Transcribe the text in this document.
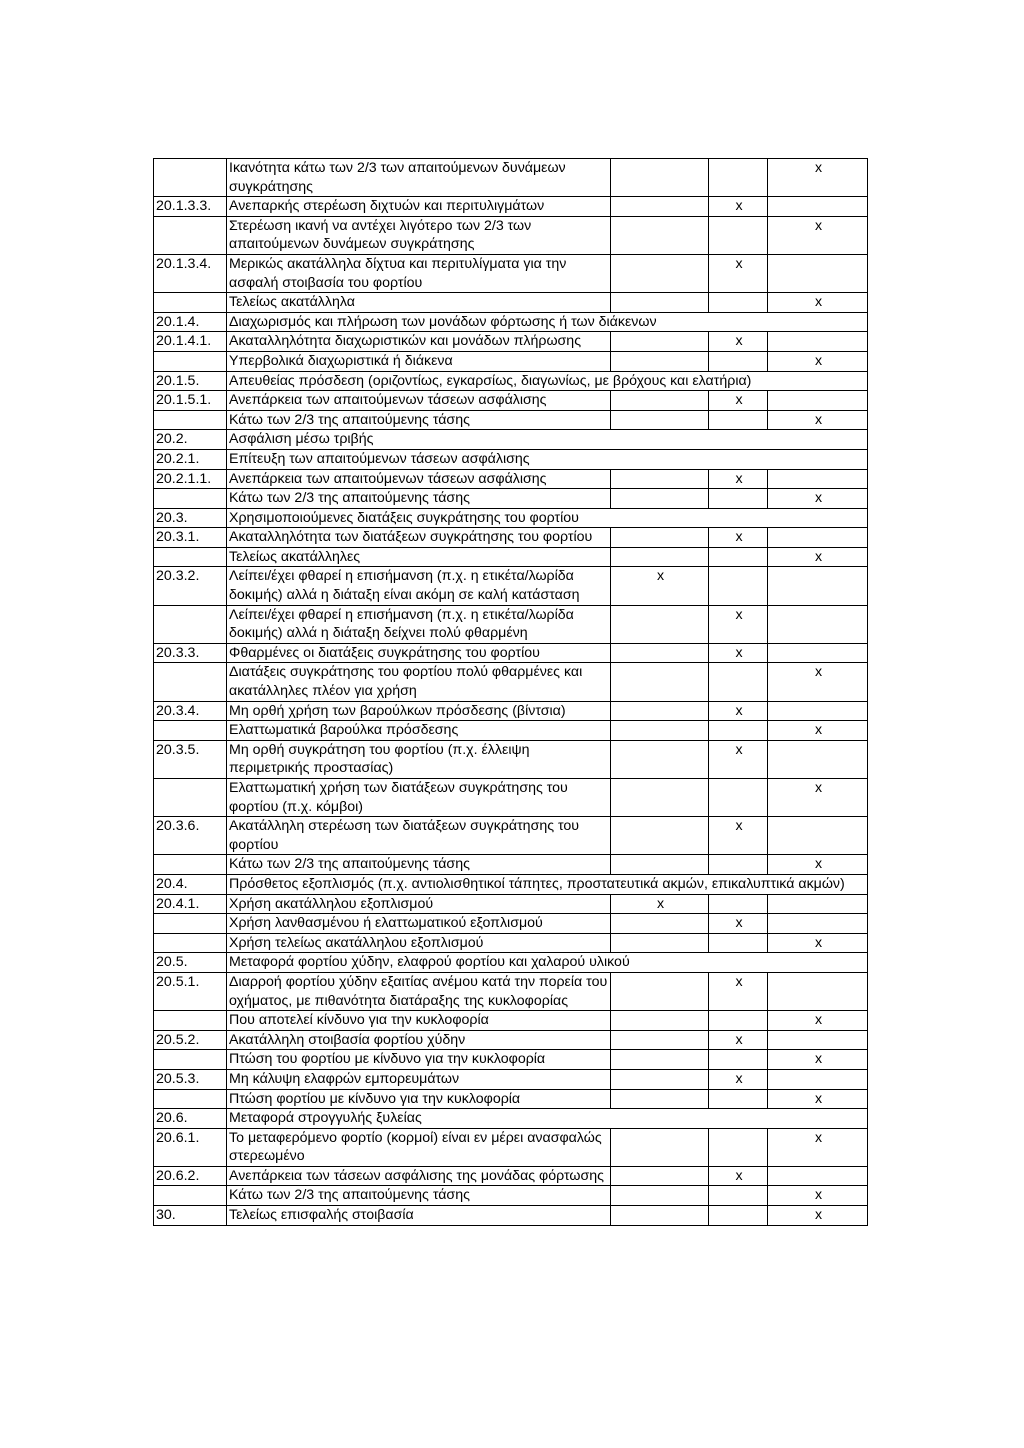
	Ικανότητα κάτω των 2/3 των απαιτούμενων δυνάμεων συγκράτησης			x
20.1.3.3.	Ανεπαρκής στερέωση διχτυών και περιτυλιγμάτων		x	
	Στερέωση ικανή να αντέχει λιγότερο των 2/3 των απαιτούμενων δυνάμεων συγκράτησης			x
20.1.3.4.	Μερικώς ακατάλληλα δίχτυα και περιτυλίγματα για την ασφαλή στοιβασία του φορτίου		x	
	Τελείως ακατάλληλα			x
20.1.4.	Διαχωρισμός και πλήρωση των μονάδων φόρτωσης ή των διάκενων			
20.1.4.1.	Ακαταλληλότητα διαχωριστικών και μονάδων πλήρωσης		x	
	Υπερβολικά διαχωριστικά ή διάκενα			x
20.1.5.	Απευθείας πρόσδεση (οριζοντίως, εγκαρσίως, διαγωνίως, με βρόχους και ελατήρια)			
20.1.5.1.	Ανεπάρκεια των απαιτούμενων τάσεων ασφάλισης		x	
	Κάτω των 2/3 της απαιτούμενης τάσης			x
20.2.	Ασφάλιση μέσω τριβής			
20.2.1.	Επίτευξη των απαιτούμενων τάσεων ασφάλισης			
20.2.1.1.	Ανεπάρκεια των απαιτούμενων τάσεων ασφάλισης		x	
	Κάτω των 2/3 της απαιτούμενης τάσης			x
20.3.	Χρησιμοποιούμενες διατάξεις συγκράτησης του φορτίου			
20.3.1.	Ακαταλληλότητα των διατάξεων συγκράτησης του φορτίου		x	
	Τελείως ακατάλληλες			x
20.3.2.	Λείπει/έχει φθαρεί η επισήμανση (π.χ. η ετικέτα/λωρίδα δοκιμής) αλλά η διάταξη είναι ακόμη σε καλή κατάσταση	x		
	Λείπει/έχει φθαρεί η επισήμανση (π.χ. η ετικέτα/λωρίδα δοκιμής) αλλά η διάταξη δείχνει πολύ φθαρμένη		x	
20.3.3.	Φθαρμένες οι διατάξεις συγκράτησης του φορτίου		x	
	Διατάξεις συγκράτησης του φορτίου πολύ φθαρμένες και ακατάλληλες πλέον για χρήση			x
20.3.4.	Μη ορθή χρήση των βαρούλκων πρόσδεσης (βίντσια)		x	
	Ελαττωματικά βαρούλκα πρόσδεσης			x
20.3.5.	Μη ορθή συγκράτηση του φορτίου (π.χ. έλλειψη περιμετρικής προστασίας)		x	
	Ελαττωματική χρήση των διατάξεων συγκράτησης του φορτίου (π.χ. κόμβοι)			x
20.3.6.	Ακατάλληλη στερέωση των διατάξεων συγκράτησης του φορτίου		x	
	Κάτω των 2/3 της απαιτούμενης τάσης			x
20.4.	Πρόσθετος εξοπλισμός (π.χ. αντιολισθητικοί τάπητες, προστατευτικά ακμών, επικαλυπτικά ακμών)			
20.4.1.	Χρήση ακατάλληλου εξοπλισμού	x		
	Χρήση λανθασμένου ή ελαττωματικού εξοπλισμού		x	
	Χρήση τελείως ακατάλληλου εξοπλισμού			x
20.5.	Μεταφορά φορτίου χύδην, ελαφρού φορτίου και χαλαρού υλικού			
20.5.1.	Διαρροή φορτίου χύδην εξαιτίας ανέμου κατά την πορεία του οχήματος, με πιθανότητα διατάραξης της κυκλοφορίας		x	
	Που αποτελεί κίνδυνο για την κυκλοφορία			x
20.5.2.	Ακατάλληλη στοιβασία φορτίου χύδην		x	
	Πτώση του φορτίου με κίνδυνο για την κυκλοφορία			x
20.5.3.	Μη κάλυψη ελαφρών εμπορευμάτων		x	
	Πτώση φορτίου με κίνδυνο για την κυκλοφορία			x
20.6.	Μεταφορά στρογγυλής ξυλείας			
20.6.1.	Το μεταφερόμενο φορτίο (κορμοί) είναι εν μέρει ανασφαλώς στερεωμένο			x
20.6.2.	Ανεπάρκεια των τάσεων ασφάλισης της μονάδας φόρτωσης		x	
	Κάτω των 2/3 της απαιτούμενης τάσης			x
30.	Τελείως επισφαλής στοιβασία			x
